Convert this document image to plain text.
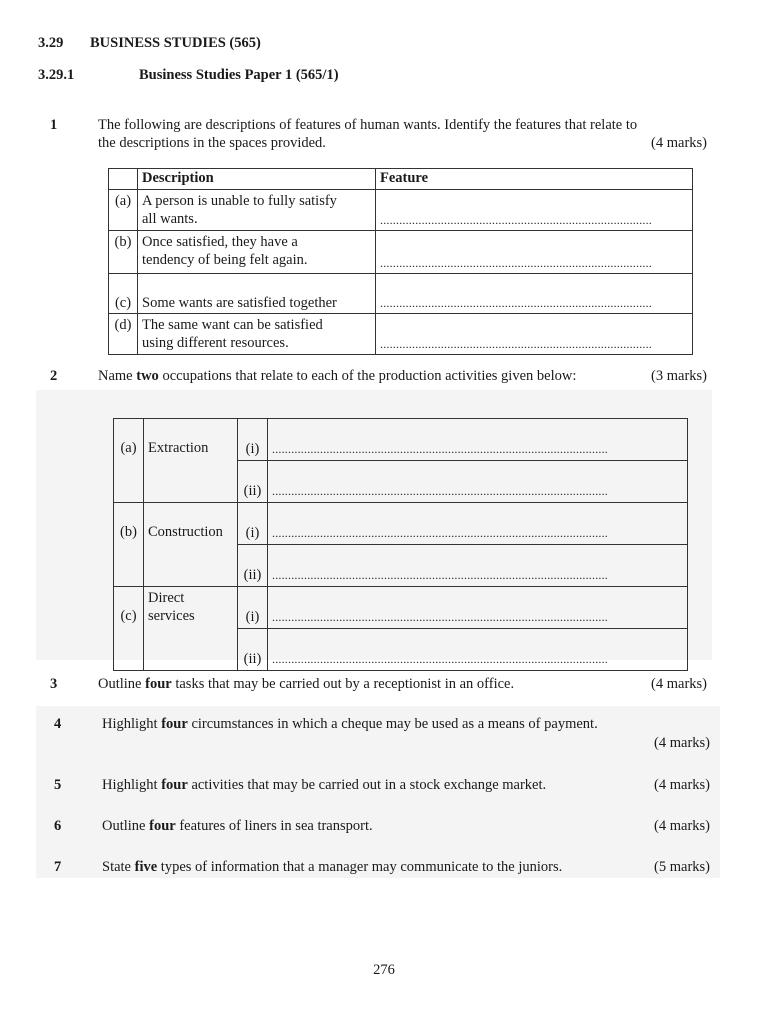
3.29 BUSINESS STUDIES (565)
3.29.1	Business Studies Paper 1 (565/1)
1	The following are descriptions of features of human wants. Identify the features that relate to
the descriptions in the spaces provided.	(4 marks)
	Description	Feature
(a)	A person is unable to fully satisfy
all wants.	.....................................................................................
(b)	Once satisfied, they have a
tendency of being felt again.	.....................................................................................
(c)	Some wants are satisfied together	.....................................................................................
(d)	The same want can be satisfied
using different resources.	.....................................................................................
2	Name two occupations that relate to each of the production activities given below:	(3 marks)
(a)	Extraction	(i)	.........................................................................................................
		(ii)	.........................................................................................................
(b)	Construction	(i)	.........................................................................................................
		(ii)	.........................................................................................................
(c)	Direct
services	(i)	.........................................................................................................
		(ii)	.........................................................................................................
3	Outline four tasks that may be carried out by a receptionist in an office.	(4 marks)
4	Highlight four circumstances in which a cheque may be used as a means of payment.
(4 marks)
5	Highlight four activities that may be carried out in a stock exchange market.	(4 marks)
6	Outline four features of liners in sea transport.	(4 marks)
7	State five types of information that a manager may communicate to the juniors.	(5 marks)
276
